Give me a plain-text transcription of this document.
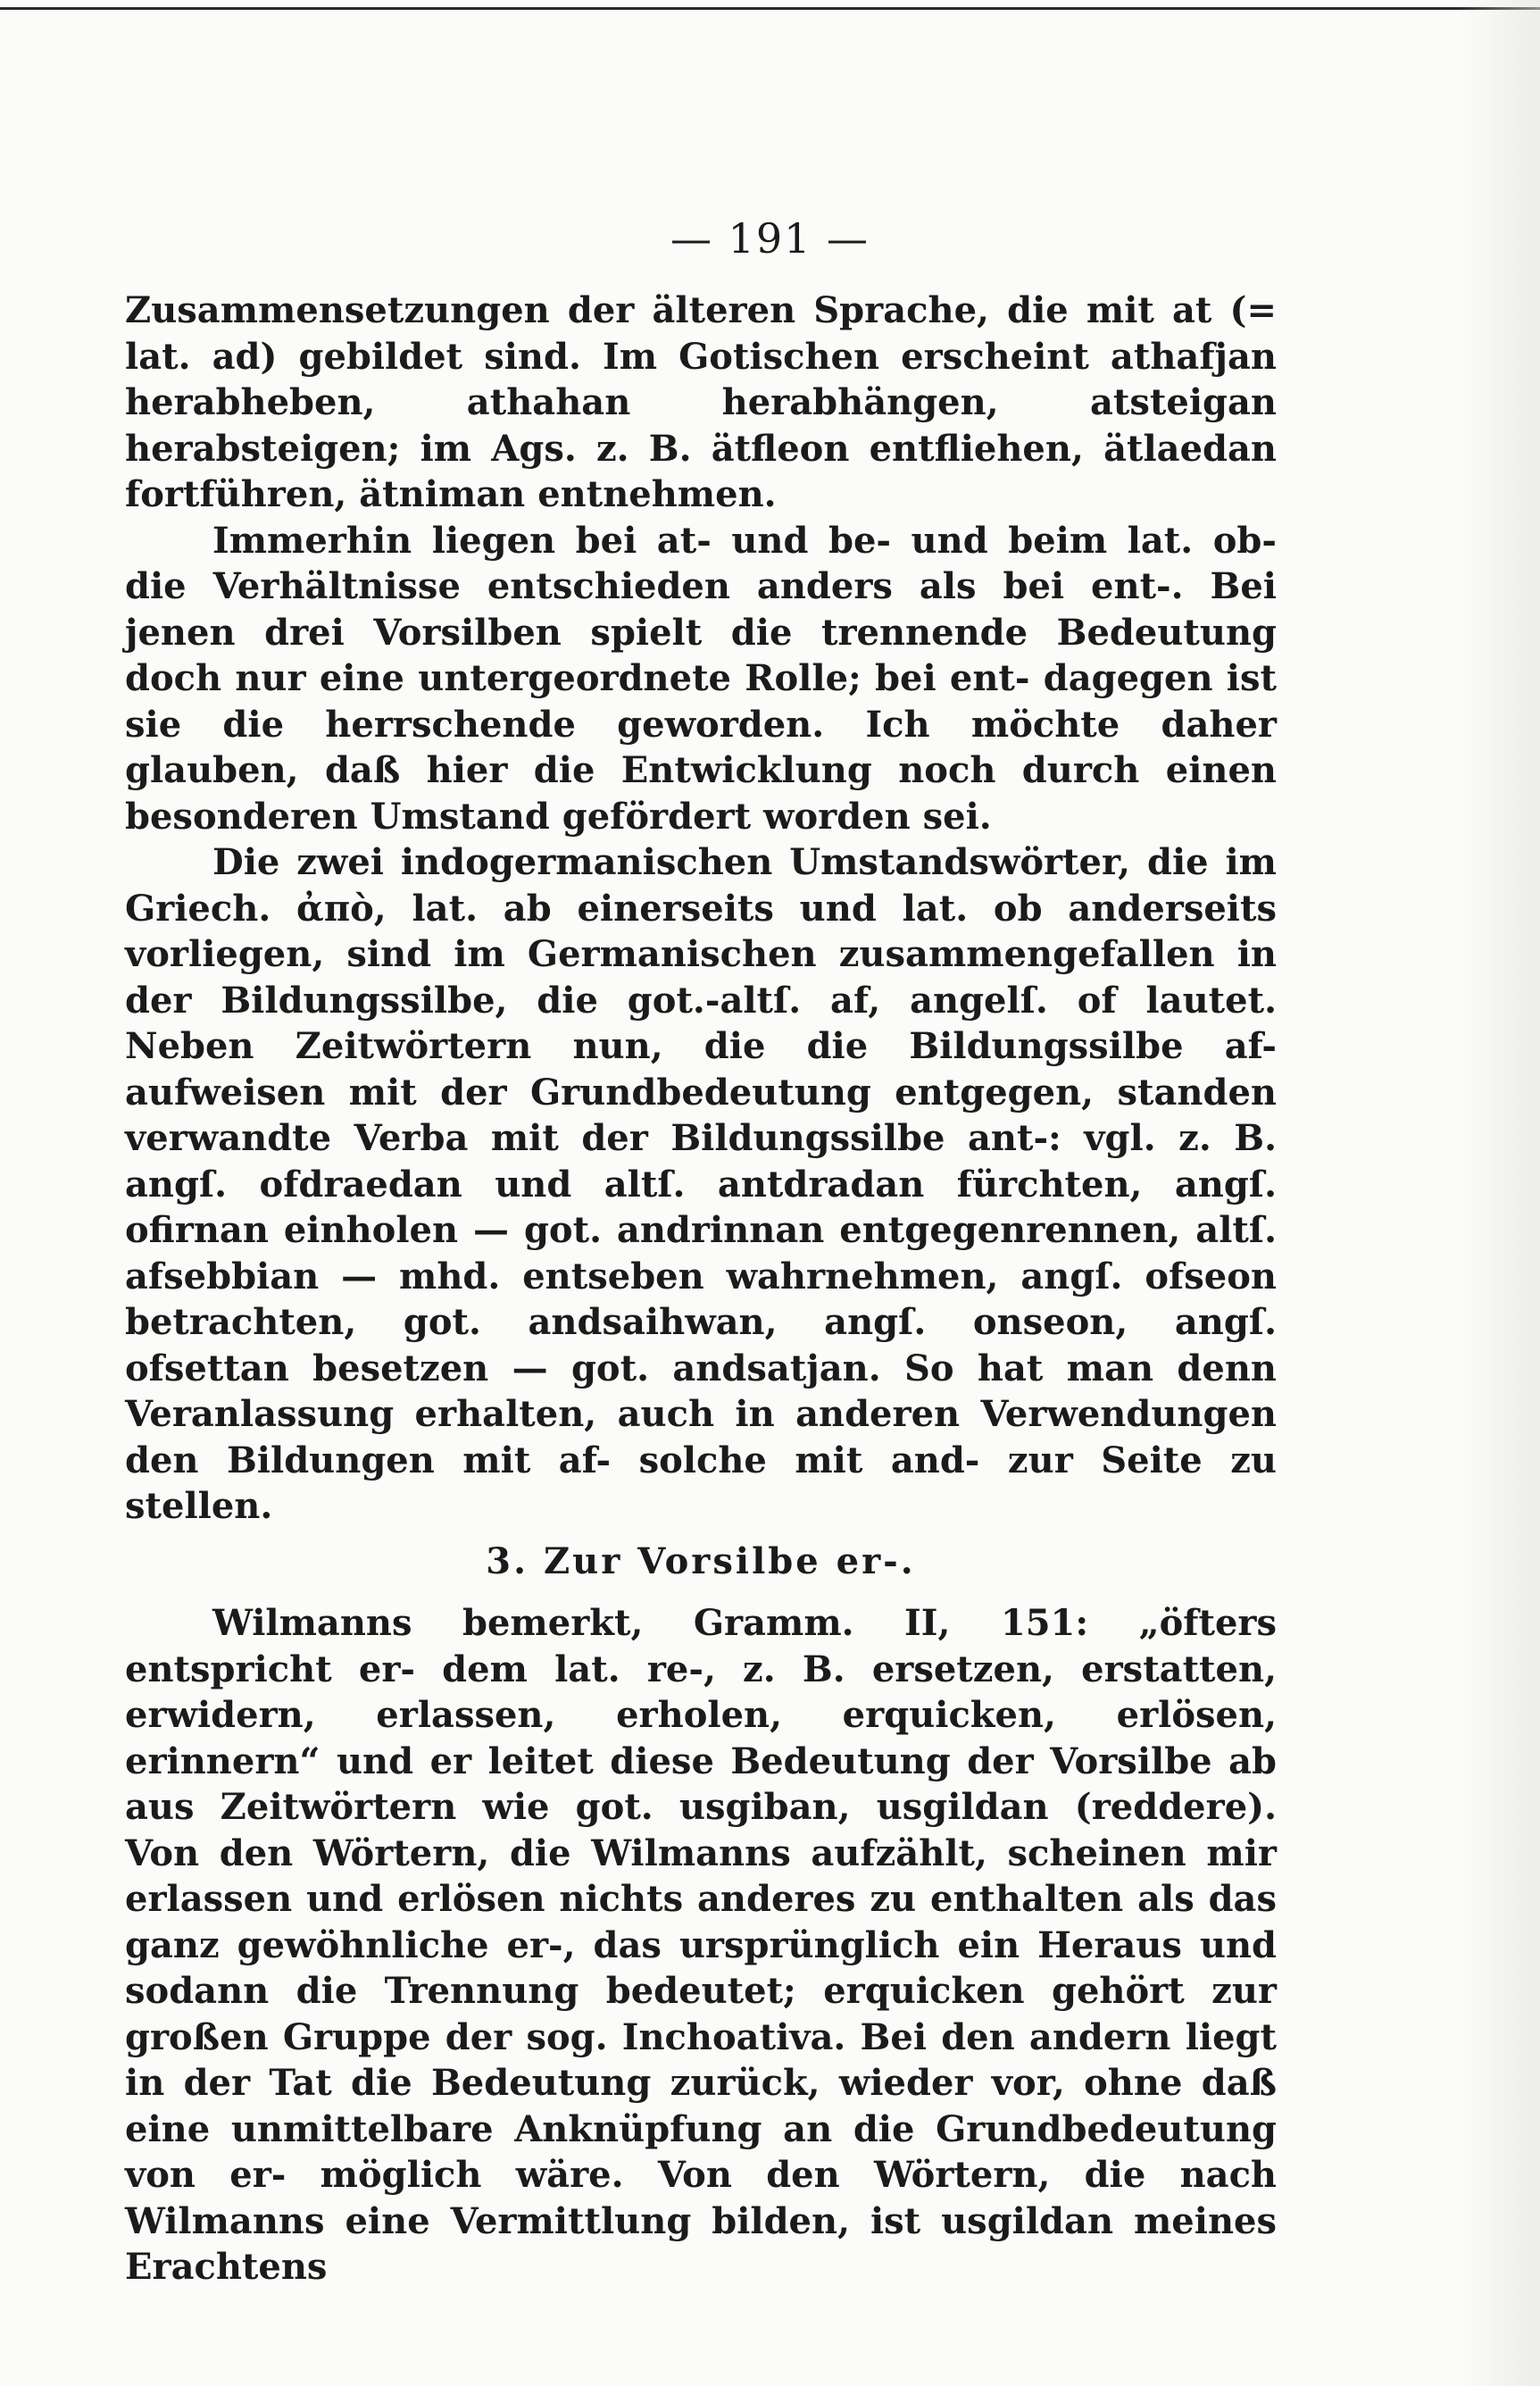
— 191 —

Zusammensetzungen der älteren Sprache, die mit at (= lat. ad) gebildet sind. Im Gotischen erscheint athafjan herabheben, athahan herabhängen, atsteigan herabsteigen; im Ags. z. B. ätfleon entfliehen, ätlaedan fortführen, ätniman entnehmen.

Immerhin liegen bei at- und be- und beim lat. ob- die Verhältnisse entschieden anders als bei ent-. Bei jenen drei Vorsilben spielt die trennende Bedeutung doch nur eine untergeordnete Rolle; bei ent- dagegen ist sie die herrschende geworden. Ich möchte daher glauben, daß hier die Entwicklung noch durch einen besonderen Umstand gefördert worden sei.

Die zwei indogermanischen Umstandswörter, die im Griech. ἀπὸ, lat. ab einerseits und lat. ob anderseits vorliegen, sind im Germanischen zusammengefallen in der Bildungssilbe, die got.-altſ. af, angelſ. of lautet. Neben Zeitwörtern nun, die die Bildungssilbe af- aufweisen mit der Grundbedeutung entgegen, standen verwandte Verba mit der Bildungssilbe ant-: vgl. z. B. angſ. ofdraedan und altſ. antdradan fürchten, angſ. ofirnan einholen — got. andrinnan entgegenrennen, altſ. afsebbian — mhd. entseben wahrnehmen, angſ. ofseon betrachten, got. andsaihwan, angſ. onseon, angſ. ofsettan besetzen — got. andsatjan. So hat man denn Veranlassung erhalten, auch in anderen Verwendungen den Bildungen mit af- solche mit and- zur Seite zu stellen.

3. Zur Vorsilbe er-.

Wilmanns bemerkt, Gramm. II, 151: „öfters entspricht er- dem lat. re-, z. B. ersetzen, erstatten, erwidern, erlassen, erholen, erquicken, erlösen, erinnern“ und er leitet diese Bedeutung der Vorsilbe ab aus Zeitwörtern wie got. usgiban, usgildan (reddere). Von den Wörtern, die Wilmanns aufzählt, scheinen mir erlassen und erlösen nichts anderes zu enthalten als das ganz gewöhnliche er-, das ursprünglich ein Heraus und sodann die Trennung bedeutet; erquicken gehört zur großen Gruppe der sog. Inchoativa. Bei den andern liegt in der Tat die Bedeutung zurück, wieder vor, ohne daß eine unmittelbare Anknüpfung an die Grundbedeutung von er- möglich wäre. Von den Wörtern, die nach Wilmanns eine Vermittlung bilden, ist usgildan meines Erachtens
